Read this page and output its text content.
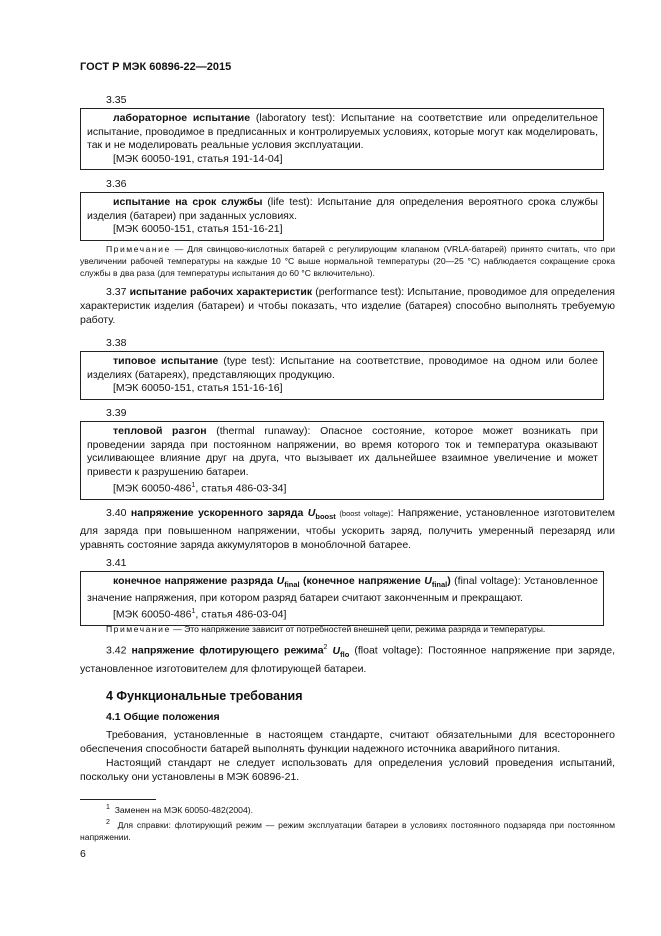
ГОСТ Р МЭК 60896-22—2015
3.35

лабораторное испытание (laboratory test): Испытание на соответствие или определительное испытание, проводимое в предписанных и контролируемых условиях, которые могут как моделировать, так и не моделировать реальные условия эксплуатации.

[МЭК 60050-191, статья 191-14-04]

3.36

испытание на срок службы (life test): Испытание для определения вероятного срока службы изделия (батареи) при заданных условиях.

[МЭК 60050-151, статья 151-16-21]

Примечание — Для свинцово-кислотных батарей с регулирующим клапаном (VRLA-батарей) принято считать, что при увеличении рабочей температуры на каждые 10 °С выше нормальной температуры (20—25 °С) наблюдается сокращение срока службы в два раза (для температуры испытания до 60 °С включительно).
3.37 испытание рабочих характеристик (performance test): Испытание, проводимое для определения характеристик изделия (батареи) и чтобы показать, что изделие (батарея) способно выполнять требуемую работу.
3.38

типовое испытание (type test): Испытание на соответствие, проводимое на одном или более изделиях (батареях), представляющих продукцию.

[МЭК 60050-151, статья 151-16-16]

3.39

тепловой разгон (thermal runaway): Опасное состояние, которое может возникать при проведении заряда при постоянном напряжении, во время которого ток и температура оказывают усиливающее влияние друг на друга, что вызывает их дальнейшее взаимное увеличение и может привести к разрушению батареи.

[МЭК $60050-486^1$, статья 486-03-34]

3.40 напряжение ускоренного заряда $U_{boost}$ (boost voltage): Напряжение, установленное изготовителем для заряда при повышенном напряжении, чтобы ускорить заряд, получить умеренный перезаряд или уравнять состояние заряда аккумуляторов в моноблочной батарее.
3.41

конечное напряжение разряда $U_{final}$ (конечное напряжение $U_{final}$) (final voltage): Установленное значение напряжения, при котором разряд батареи считают законченным и прекращают.

[МЭК $60050-486^1$, статья 486-03-04]

Примечание — Это напряжение зависит от потребностей внешней цепи, режима разряда и температуры.
3.42 напряжение флотирующего режима$^2$ $U_{flo}$ (float voltage): Постоянное напряжение при заряде, установленное изготовителем для флотирующей батареи.
4 Функциональные требования
4.1 Общие положения
Требования, установленные в настоящем стандарте, считают обязательными для всестороннего обеспечения способности батарей выполнять функции надежного источника аварийного питания.
Настоящий стандарт не следует использовать для определения условий проведения испытаний, поскольку они установлены в МЭК 60896-21.
$^1$ Заменен на МЭК 60050-482(2004).
$^2$ Для справки: флотирующий режим — режим эксплуатации батареи в условиях постоянного подзаряда при постоянном напряжении.
6
